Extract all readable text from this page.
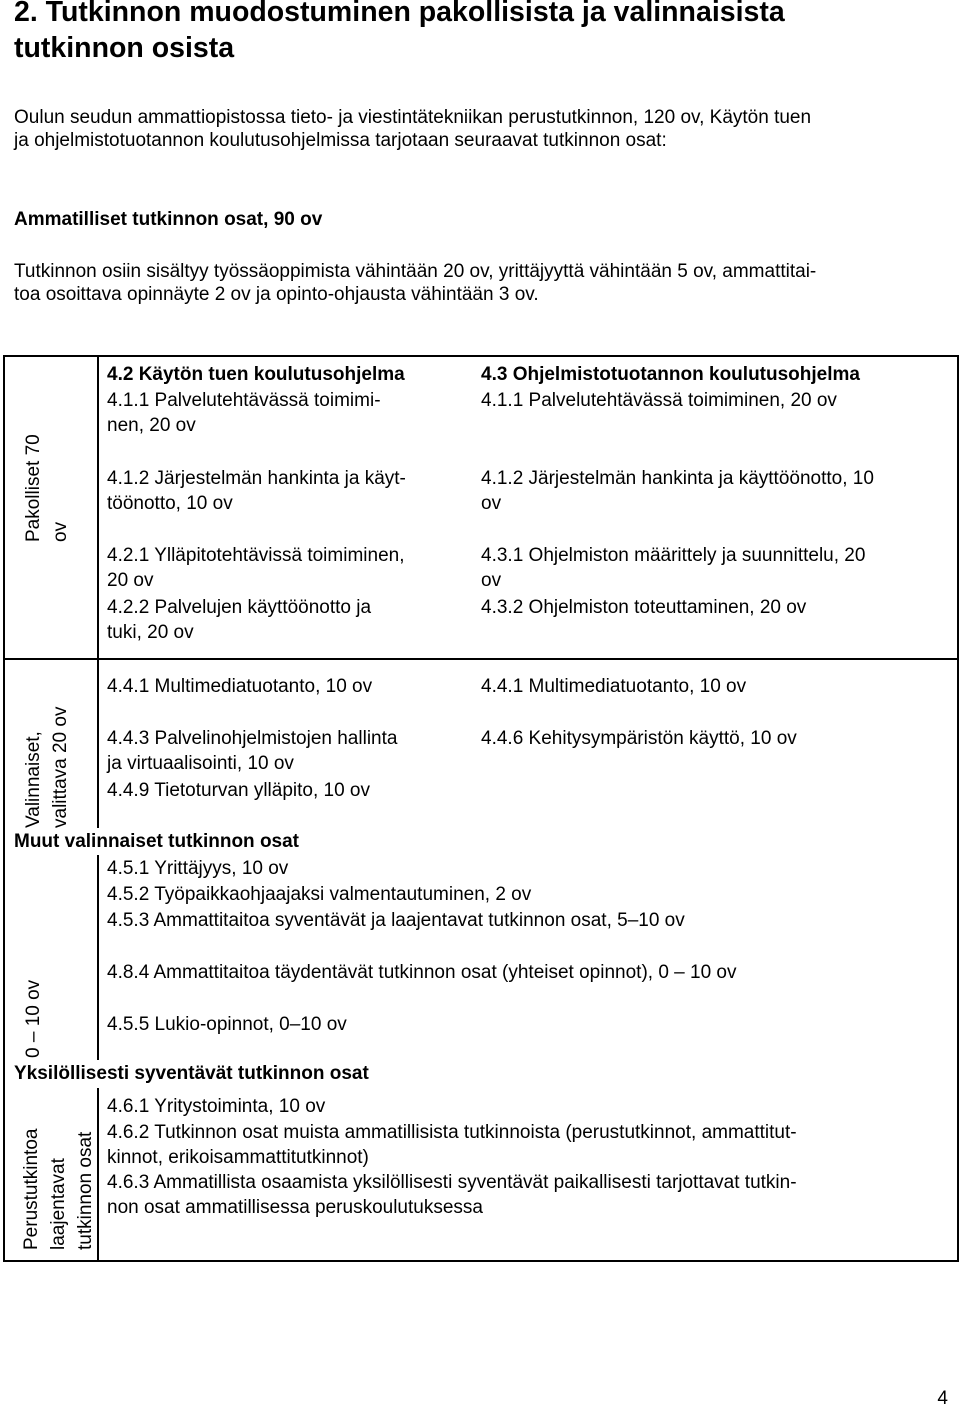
2. Tutkinnon muodostuminen pakollisista ja valinnaisista
tutkinnon osista
Oulun seudun ammattiopistossa tieto- ja viestintätekniikan perustutkinnon, 120 ov, Käytön tuen
ja ohjelmistotuotannon koulutusohjelmissa tarjotaan seuraavat tutkinnon osat:
Ammatilliset tutkinnon osat, 90 ov
Tutkinnon osiin sisältyy työssäoppimista vähintään 20 ov, yrittäjyyttä vähintään 5 ov, ammattitai-
toa osoittava opinnäyte 2 ov ja opinto-ohjausta vähintään 3 ov.
Pakolliset 70 ov
4.2 Käytön tuen koulutusohjelma	4.3 Ohjelmistotuotannon koulutusohjelma
4.1.1 Palvelutehtävässä toimimi-
nen, 20 ov
4.1.2 Järjestelmän hankinta ja käyt-
töönotto, 10 ov
4.2.1 Ylläpitotehtävissä toimiminen,
20 ov
4.2.2 Palvelujen käyttöönotto ja
tuki, 20 ov
4.1.1 Palvelutehtävässä toimiminen, 20 ov
4.1.2 Järjestelmän hankinta ja käyttöönotto, 10
ov
4.3.1 Ohjelmiston määrittely ja suunnittelu, 20
ov
4.3.2 Ohjelmiston toteuttaminen, 20 ov
Valinnaiset, valittava 20 ov
4.4.1 Multimediatuotanto, 10 ov
4.4.3 Palvelinohjelmistojen hallinta
ja virtuaalisointi, 10 ov
4.4.9 Tietoturvan ylläpito, 10 ov
4.4.1 Multimediatuotanto, 10 ov
4.4.6 Kehitysympäristön käyttö, 10 ov
Muut valinnaiset tutkinnon osat
0 – 10 ov
4.5.1 Yrittäjyys, 10 ov
4.5.2 Työpaikkaohjaajaksi valmentautuminen, 2 ov
4.5.3 Ammattitaitoa syventävät ja laajentavat tutkinnon osat, 5–10 ov
4.8.4 Ammattitaitoa täydentävät tutkinnon osat (yhteiset opinnot), 0 – 10 ov
4.5.5 Lukio-opinnot, 0–10 ov
Yksilöllisesti syventävät tutkinnon osat
Perustutkintoa laajentavat tutkinnon osat
4.6.1 Yritystoiminta, 10 ov
4.6.2 Tutkinnon osat muista ammatillisista tutkinnoista (perustutkinnot, ammattitut-
kinnot, erikoisammattitutkinnot)
4.6.3 Ammatillista osaamista yksilöllisesti syventävät paikallisesti tarjottavat tutkin-
non osat ammatillisessa peruskoulutuksessa
4
